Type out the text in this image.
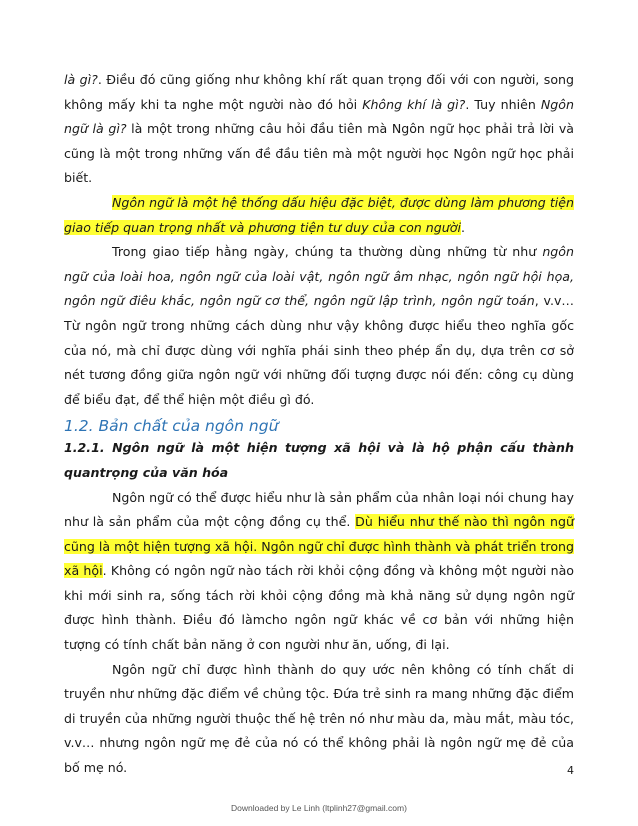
là gì?. Điều đó cũng giống như không khí rất quan trọng đối với con người, song không mấy khi ta nghe một người nào đó hỏi Không khí là gì?. Tuy nhiên Ngôn ngữ là gì? là một trong những câu hỏi đầu tiên mà Ngôn ngữ học phải trả lời và cũng là một trong những vấn đề đầu tiên mà một người học Ngôn ngữ học phải biết.

Ngôn ngữ là một hệ thống dấu hiệu đặc biệt, được dùng làm phương tiện giao tiếp quan trọng nhất và phương tiện tư duy của con người.

Trong giao tiếp hằng ngày, chúng ta thường dùng những từ như ngôn ngữ của loài hoa, ngôn ngữ của loài vật, ngôn ngữ âm nhạc, ngôn ngữ hội họa, ngôn ngữ điêu khắc, ngôn ngữ cơ thể, ngôn ngữ lập trình, ngôn ngữ toán, v.v… Từ ngôn ngữ trong những cách dùng như vậy không được hiểu theo nghĩa gốc của nó, mà chỉ được dùng với nghĩa phái sinh theo phép ẩn dụ, dựa trên cơ sở nét tương đồng giữa ngôn ngữ với những đối tượng được nói đến: công cụ dùng để biểu đạt, để thể hiện một điều gì đó.

1.2. Bản chất của ngôn ngữ
1.2.1. Ngôn ngữ là một hiện tượng xã hội và là hộ phận cấu thành quantrọng của văn hóa

Ngôn ngữ có thể được hiểu như là sản phẩm của nhân loại nói chung hay như là sản phẩm của một cộng đồng cụ thể. Dù hiểu như thế nào thì ngôn ngữ cũng là một hiện tượng xã hội. Ngôn ngữ chỉ được hình thành và phát triển trong xã hội. Không có ngôn ngữ nào tách rời khỏi cộng đồng và không một người nào khi mới sinh ra, sống tách rời khỏi cộng đồng mà khả năng sử dụng ngôn ngữ được hình thành. Điều đó làmcho ngôn ngữ khác về cơ bản với những hiện tượng có tính chất bản năng ở con người như ăn, uống, đi lại.

Ngôn ngữ chỉ được hình thành do quy ước nên không có tính chất di truyền như những đặc điểm về chủng tộc. Đứa trẻ sinh ra mang những đặc điểm di truyền của những người thuộc thế hệ trên nó như màu da, màu mắt, màu tóc, v.v… nhưng ngôn ngữ mẹ đẻ của nó có thể không phải là ngôn ngữ mẹ đẻ của bố mẹ nó.	4
Downloaded by Le Linh (ltplinh27@gmail.com)
